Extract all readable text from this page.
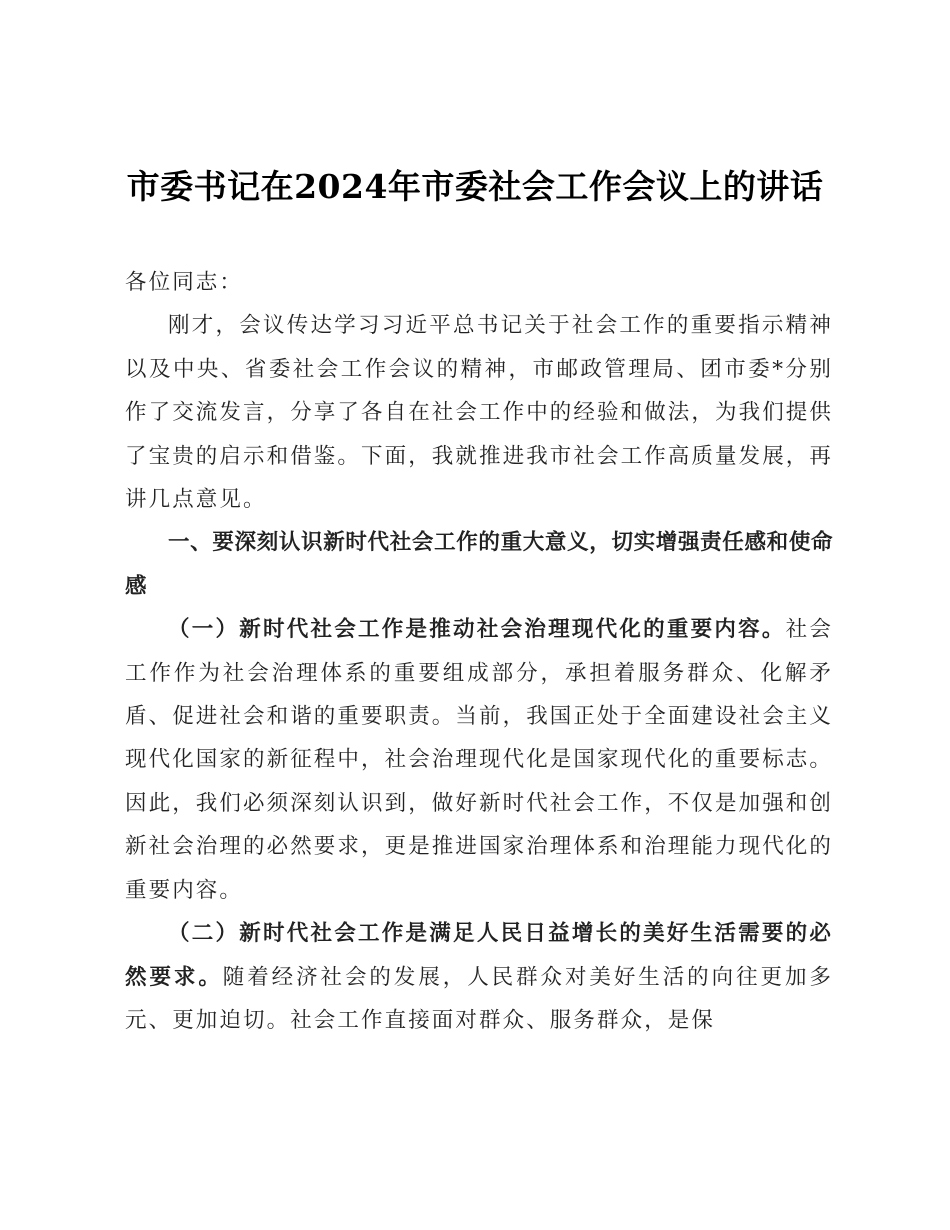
市委书记在2024年市委社会工作会议上的讲话

各位同志：

刚才，会议传达学习习近平总书记关于社会工作的重要指示精神以及中央、省委社会工作会议的精神，市邮政管理局、团市委*分别作了交流发言，分享了各自在社会工作中的经验和做法，为我们提供了宝贵的启示和借鉴。下面，我就推进我市社会工作高质量发展，再讲几点意见。

一、要深刻认识新时代社会工作的重大意义，切实增强责任感和使命感

（一）新时代社会工作是推动社会治理现代化的重要内容。社会工作作为社会治理体系的重要组成部分，承担着服务群众、化解矛盾、促进社会和谐的重要职责。当前，我国正处于全面建设社会主义现代化国家的新征程中，社会治理现代化是国家现代化的重要标志。因此，我们必须深刻认识到，做好新时代社会工作，不仅是加强和创新社会治理的必然要求，更是推进国家治理体系和治理能力现代化的重要内容。

（二）新时代社会工作是满足人民日益增长的美好生活需要的必然要求。随着经济社会的发展，人民群众对美好生活的向往更加多元、更加迫切。社会工作直接面对群众、服务群众，是保
